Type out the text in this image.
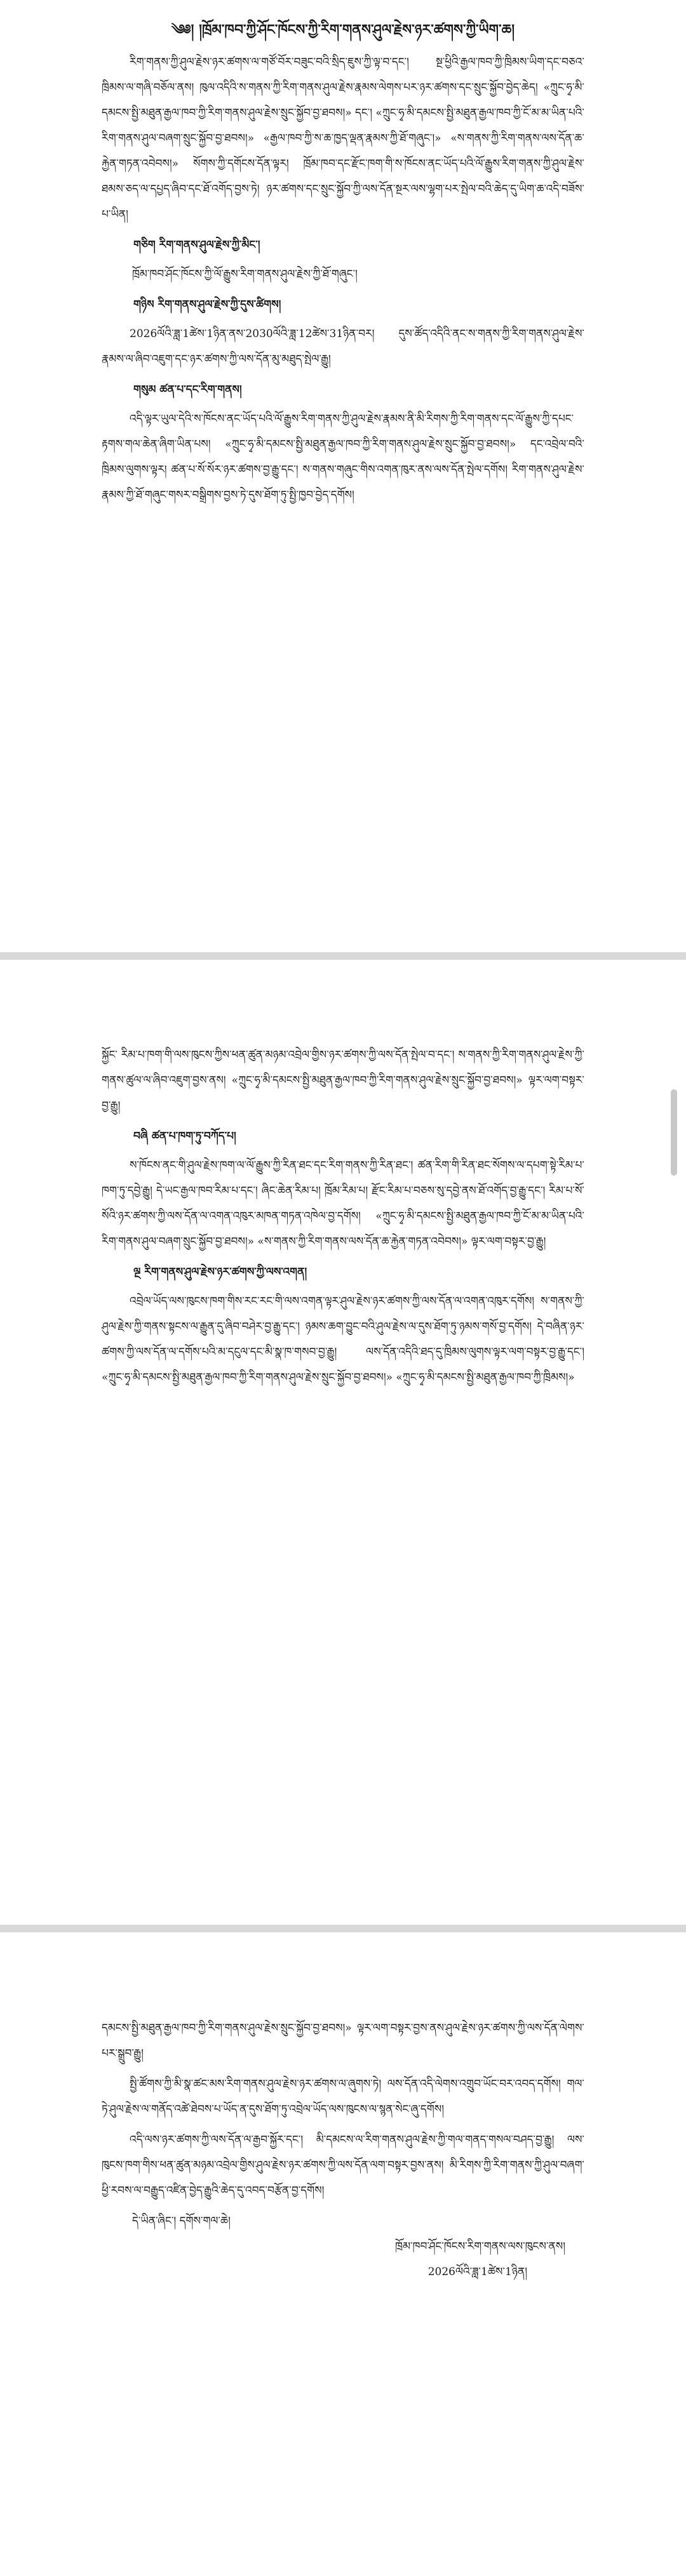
༄༅། །ཁྲོམ་ཁབ་ཀྱི་ཤོང་ཁོངས་ཀྱི་རིག་གནས་ཤུལ་རྗེས་ཉར་ཚགས་ཀྱི་ཡིག་ཆ།

རིག་གནས་ཀྱི་ཤུལ་རྗེས་ཉར་ཚགས་ལ་གཙོ་བོར་བཟུང་བའི་སྲིད་ཇུས་ཀྱི་ལྟ་བ་དང་། སྔ་ཕྱིའི་རྒྱལ་ཁབ་ཀྱི་ཁྲིམས་ཡིག་དང་བཅའ་ཁྲིམས་ལ་གཞི་བཅོལ་ནས། ཁུལ་འདིའི་ས་གནས་ཀྱི་རིག་གནས་ཤུལ་རྗེས་རྣམས་ལེགས་པར་ཉར་ཚགས་དང་སྲུང་སྐྱོབ་བྱེད་ཆེད། «ཀྲུང་ཧྭ་མི་དམངས་སྤྱི་མཐུན་རྒྱལ་ཁབ་ཀྱི་རིག་གནས་ཤུལ་རྗེས་སྲུང་སྐྱོབ་བྱ་ཐབས།» དང་། «ཀྲུང་ཧྭ་མི་དམངས་སྤྱི་མཐུན་རྒྱལ་ཁབ་ཀྱི་ངོ་མ་མ་ཡིན་པའི་རིག་གནས་ཤུལ་བཞག་སྲུང་སྐྱོབ་བྱ་ཐབས།» «རྒྱལ་ཁབ་ཀྱི་ས་ཆ་ཁྱད་ལྡན་རྣམས་ཀྱི་ཐོ་གཞུང་།» «ས་གནས་ཀྱི་རིག་གནས་ལས་དོན་ཆ་རྐྱེན་གཏན་འབེབས།» སོགས་ཀྱི་དགོངས་དོན་ལྟར། ཁྲོམ་ཁབ་དང་རྫོང་ཁག་གི་ས་ཁོངས་ནང་ཡོད་པའི་ལོ་རྒྱུས་རིག་གནས་ཀྱི་ཤུལ་རྗེས་ཐམས་ཅད་ལ་དཔྱད་ཞིབ་དང་ཐོ་འགོད་བྱས་ཏེ། ཉར་ཚགས་དང་སྲུང་སྐྱོབ་ཀྱི་ལས་དོན་སྔར་ལས་ལྷག་པར་སྤེལ་བའི་ཆེད་དུ་ཡིག་ཆ་འདི་བཟོས་པ་ཡིན།

གཅིག རིག་གནས་ཤུལ་རྗེས་ཀྱི་མིང་།

ཁྲོམ་ཁབ་ཤོང་ཁོངས་ཀྱི་ལོ་རྒྱུས་རིག་གནས་ཤུལ་རྗེས་ཀྱི་ཐོ་གཞུང་།

གཉིས རིག་གནས་ཤུལ་རྗེས་ཀྱི་དུས་ཚིགས།

2026ལོའི་ཟླ་1ཚེས་1ཉིན་ནས་2030ལོའི་ཟླ་12ཚེས་31ཉིན་བར། དུས་ཚོད་འདིའི་ནང་ས་གནས་ཀྱི་རིག་གནས་ཤུལ་རྗེས་རྣམས་ལ་ཞིབ་འཇུག་དང་ཉར་ཚགས་ཀྱི་ལས་དོན་མུ་མཐུད་སྤེལ་རྒྱུ།

གསུམ ཚན་པ་དང་རིག་གནས།

འདི་ལྟར་ཡུལ་དེའི་ས་ཁོངས་ནང་ཡོད་པའི་ལོ་རྒྱུས་རིག་གནས་ཀྱི་ཤུལ་རྗེས་རྣམས་ནི་མི་རིགས་ཀྱི་རིག་གནས་དང་ལོ་རྒྱུས་ཀྱི་དཔང་རྟགས་གལ་ཆེན་ཞིག་ཡིན་པས། «ཀྲུང་ཧྭ་མི་དམངས་སྤྱི་མཐུན་རྒྱལ་ཁབ་ཀྱི་རིག་གནས་ཤུལ་རྗེས་སྲུང་སྐྱོབ་བྱ་ཐབས།» དང་འབྲེལ་བའི་ཁྲིམས་ལུགས་ལྟར། ཚན་པ་སོ་སོར་ཉར་ཚགས་བྱ་རྒྱུ་དང་། ས་གནས་གཞུང་གིས་འགན་ཁུར་ནས་ལས་དོན་སྤེལ་དགོས། རིག་གནས་ཤུལ་རྗེས་རྣམས་ཀྱི་ཐོ་གཞུང་གསར་བསྒྲིགས་བྱས་ཏེ་དུས་ཐོག་ཏུ་སྤྱི་ཁྱབ་བྱེད་དགོས།

སྐྱོང་ རིམ་པ་ཁག་གི་ལས་ཁུངས་ཀྱིས་ཕན་ཚུན་མཉམ་འབྲེལ་གྱིས་ཉར་ཚགས་ཀྱི་ལས་དོན་སྤེལ་བ་དང་། ས་གནས་ཀྱི་རིག་གནས་ཤུལ་རྗེས་ཀྱི་གནས་ཚུལ་ལ་ཞིབ་འཇུག་བྱས་ནས། «ཀྲུང་ཧྭ་མི་དམངས་སྤྱི་མཐུན་རྒྱལ་ཁབ་ཀྱི་རིག་གནས་ཤུལ་རྗེས་སྲུང་སྐྱོབ་བྱ་ཐབས།» ལྟར་ལག་བསྟར་བྱ་རྒྱུ།

བཞི ཚན་པ་ཁག་ཏུ་བཀོད་པ།

ས་ཁོངས་ནང་གི་ཤུལ་རྗེས་ཁག་ལ་ལོ་རྒྱུས་ཀྱི་རིན་ཐང་དང་རིག་གནས་ཀྱི་རིན་ཐང་། ཚན་རིག་གི་རིན་ཐང་སོགས་ལ་དཔག་སྟེ་རིམ་པ་ཁག་ཏུ་དབྱེ་རྒྱུ། དེ་ཡང་རྒྱལ་ཁབ་རིམ་པ་དང་། ཞིང་ཆེན་རིམ་པ། ཁྲོམ་རིམ་པ། རྫོང་རིམ་པ་བཅས་སུ་དབྱེ་ནས་ཐོ་འགོད་བྱ་རྒྱུ་དང་། རིམ་པ་སོ་སོའི་ཉར་ཚགས་ཀྱི་ལས་དོན་ལ་འགན་འཁུར་མཁན་གཏན་འཁེལ་བྱ་དགོས། «ཀྲུང་ཧྭ་མི་དམངས་སྤྱི་མཐུན་རྒྱལ་ཁབ་ཀྱི་ངོ་མ་མ་ཡིན་པའི་རིག་གནས་ཤུལ་བཞག་སྲུང་སྐྱོབ་བྱ་ཐབས།» «ས་གནས་ཀྱི་རིག་གནས་ལས་དོན་ཆ་རྐྱེན་གཏན་འབེབས།» ལྟར་ལག་བསྟར་བྱ་རྒྱུ།

ལྔ རིག་གནས་ཤུལ་རྗེས་ཉར་ཚགས་ཀྱི་ལས་འགན།

འབྲེལ་ཡོད་ལས་ཁུངས་ཁག་གིས་རང་རང་གི་ལས་འགན་ལྟར་ཤུལ་རྗེས་ཉར་ཚགས་ཀྱི་ལས་དོན་ལ་འགན་འཁུར་དགོས། ས་གནས་ཀྱི་ཤུལ་རྗེས་ཀྱི་གནས་སྟངས་ལ་རྒྱུན་དུ་ཞིབ་བཤེར་བྱ་རྒྱུ་དང་། ཉམས་ཆག་བྱུང་བའི་ཤུལ་རྗེས་ལ་དུས་ཐོག་ཏུ་ཉམས་གསོ་བྱ་དགོས། དེ་བཞིན་ཉར་ཚགས་ཀྱི་ལས་དོན་ལ་དགོས་པའི་མ་དངུལ་དང་མི་སྣ་ཁ་གསབ་བྱ་རྒྱུ། ལས་དོན་འདིའི་ཐད་དུ་ཁྲིམས་ལུགས་ལྟར་ལག་བསྟར་བྱ་རྒྱུ་དང་། «ཀྲུང་ཧྭ་མི་དམངས་སྤྱི་མཐུན་རྒྱལ་ཁབ་ཀྱི་རིག་གནས་ཤུལ་རྗེས་སྲུང་སྐྱོབ་བྱ་ཐབས།» «ཀྲུང་ཧྭ་མི་དམངས་སྤྱི་མཐུན་རྒྱལ་ཁབ་ཀྱི་ཁྲིམས།»

དམངས་སྤྱི་མཐུན་རྒྱལ་ཁབ་ཀྱི་རིག་གནས་ཤུལ་རྗེས་སྲུང་སྐྱོབ་བྱ་ཐབས།» ལྟར་ལག་བསྟར་བྱས་ནས་ཤུལ་རྗེས་ཉར་ཚགས་ཀྱི་ལས་དོན་ལེགས་པར་སྒྲུབ་རྒྱུ།

སྤྱི་ཚོགས་ཀྱི་མི་སྣ་ཚང་མས་རིག་གནས་ཤུལ་རྗེས་ཉར་ཚགས་ལ་ཞུགས་ཏེ། ལས་དོན་འདི་ལེགས་འགྲུབ་ཡོང་བར་འབད་དགོས། གལ་ཏེ་ཤུལ་རྗེས་ལ་གནོད་འཚེ་ཐེབས་པ་ཡོད་ན་དུས་ཐོག་ཏུ་འབྲེལ་ཡོད་ལས་ཁུངས་ལ་སྙན་སེང་ཞུ་དགོས།

འདི་ལས་ཉར་ཚགས་ཀྱི་ལས་དོན་ལ་རྒྱབ་སྐྱོར་དང་། མི་དམངས་ལ་རིག་གནས་ཤུལ་རྗེས་ཀྱི་གལ་གནད་གསལ་བཤད་བྱ་རྒྱུ། ལས་ཁུངས་ཁག་གིས་ཕན་ཚུན་མཉམ་འབྲེལ་གྱིས་ཤུལ་རྗེས་ཉར་ཚགས་ཀྱི་ལས་དོན་ལག་བསྟར་བྱས་ནས། མི་རིགས་ཀྱི་རིག་གནས་ཀྱི་ཤུལ་བཞག་ཕྱི་རབས་ལ་བརྒྱུད་འཛིན་བྱེད་རྒྱུའི་ཆེད་དུ་འབད་བརྩོན་བྱ་དགོས།

དེ་ཡིན་ཞིང་། དགོས་གལ་ཆེ།

ཁྲོམ་ཁབ་ཤོང་ཁོངས་རིག་གནས་ལས་ཁུངས་ནས།

2026ལོའི་ཟླ་1ཚེས་1ཉིན།
